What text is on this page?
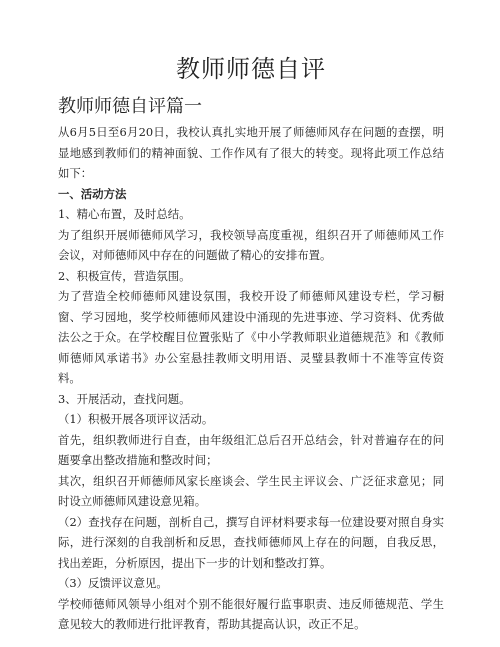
教师师德自评
教师师德自评篇一

从6月5日至6月20日，我校认真扎实地开展了师德师风存在问题的查摆，明显地感到教师们的精神面貌、工作作风有了很大的转变。现将此项工作总结如下：

一、活动方法

1、精心布置，及时总结。

为了组织开展师德师风学习，我校领导高度重视，组织召开了师德师风工作会议，对师德师风中存在的问题做了精心的安排布置。

2、积极宣传，营造氛围。

为了营造全校师德师风建设氛围，我校开设了师德师风建设专栏，学习橱窗、学习园地，奖学校师德师风建设中涌现的先进事迹、学习资料、优秀做法公之于众。在学校醒目位置张贴了《中小学教师职业道德规范》和《教师师德师风承诺书》办公室悬挂教师文明用语、灵璧县教师十不准等宣传资料。

3、开展活动，查找问题。

（1）积极开展各项评议活动。

首先，组织教师进行自查，由年级组汇总后召开总结会，针对普遍存在的问题要拿出整改措施和整改时间；

其次，组织召开师德师风家长座谈会、学生民主评议会、广泛征求意见；同时设立师德师风建设意见箱。

（2）查找存在问题，剖析自己，撰写自评材料要求每一位建设要对照自身实际，进行深刻的自我剖析和反思，查找师德师风上存在的问题，自我反思，找出差距，分析原因，提出下一步的计划和整改打算。

（3）反馈评议意见。

学校师德师风领导小组对个别不能很好履行监事职责、违反师德规范、学生意见较大的教师进行批评教育，帮助其提高认识，改正不足。
